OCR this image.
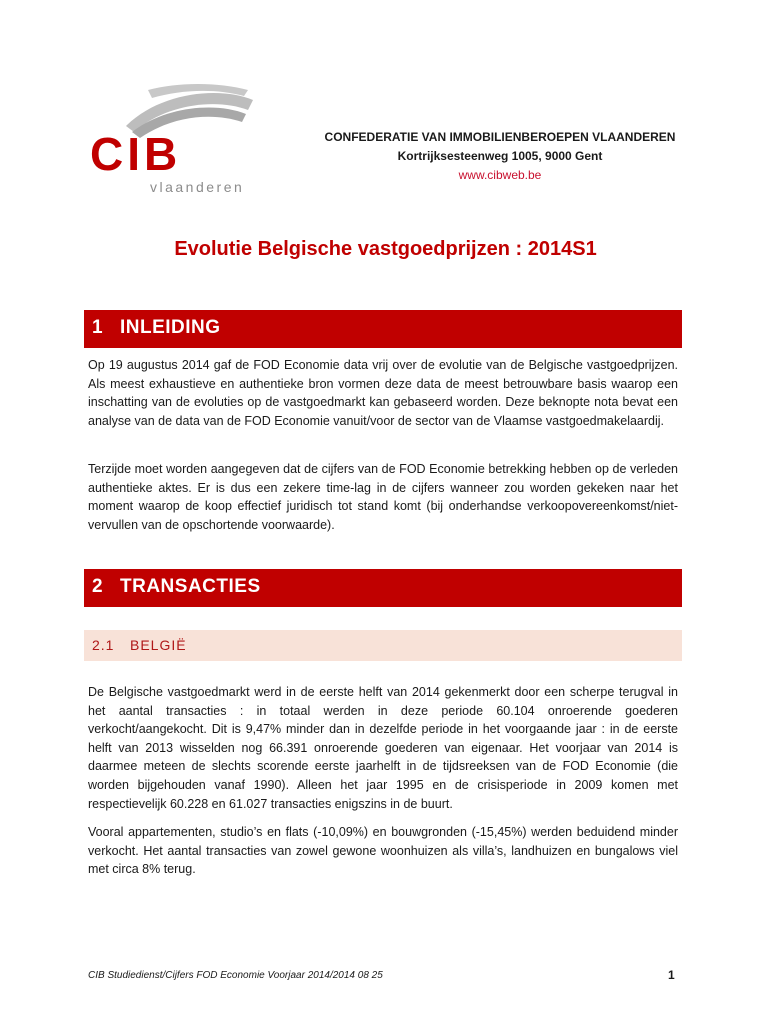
CIB
vlaanderen
CONFEDERATIE VAN IMMOBILIENBEROEPEN VLAANDEREN
Kortrijksesteenweg 1005, 9000 Gent
www.cibweb.be
Evolutie Belgische vastgoedprijzen : 2014S1
1 INLEIDING
Op 19 augustus 2014 gaf de FOD Economie data vrij over de evolutie van de Belgische vastgoedprijzen. Als meest exhaustieve en authentieke bron vormen deze data de meest betrouwbare basis waarop een inschatting van de evoluties op de vastgoedmarkt kan gebaseerd worden. Deze beknopte nota bevat een analyse van de data van de FOD Economie vanuit/voor de sector van de Vlaamse vastgoedmakelaardij.
Terzijde moet worden aangegeven dat de cijfers van de FOD Economie betrekking hebben op de verleden authentieke aktes. Er is dus een zekere time-lag in de cijfers wanneer zou worden gekeken naar het moment waarop de koop effectief juridisch tot stand komt (bij onderhandse verkoopovereenkomst/niet-vervullen van de opschortende voorwaarde).
2 TRANSACTIES
2.1 BELGIË
De Belgische vastgoedmarkt werd in de eerste helft van 2014 gekenmerkt door een scherpe terugval in het aantal transacties : in totaal werden in deze periode 60.104 onroerende goederen verkocht/aangekocht. Dit is 9,47% minder dan in dezelfde periode in het voorgaande jaar : in de eerste helft van 2013 wisselden nog 66.391 onroerende goederen van eigenaar. Het voorjaar van 2014 is daarmee meteen de slechts scorende eerste jaarhelft in de tijdsreeksen van de FOD Economie (die worden bijgehouden vanaf 1990). Alleen het jaar 1995 en de crisisperiode in 2009 komen met respectievelijk 60.228 en 61.027 transacties enigszins in de buurt.
Vooral appartementen, studio’s en flats (-10,09%) en bouwgronden (-15,45%) werden beduidend minder verkocht. Het aantal transacties van zowel gewone woonhuizen als villa’s, landhuizen en bungalows viel met circa 8% terug.
CIB Studiedienst/Cijfers FOD Economie Voorjaar 2014/2014 08 25	1
